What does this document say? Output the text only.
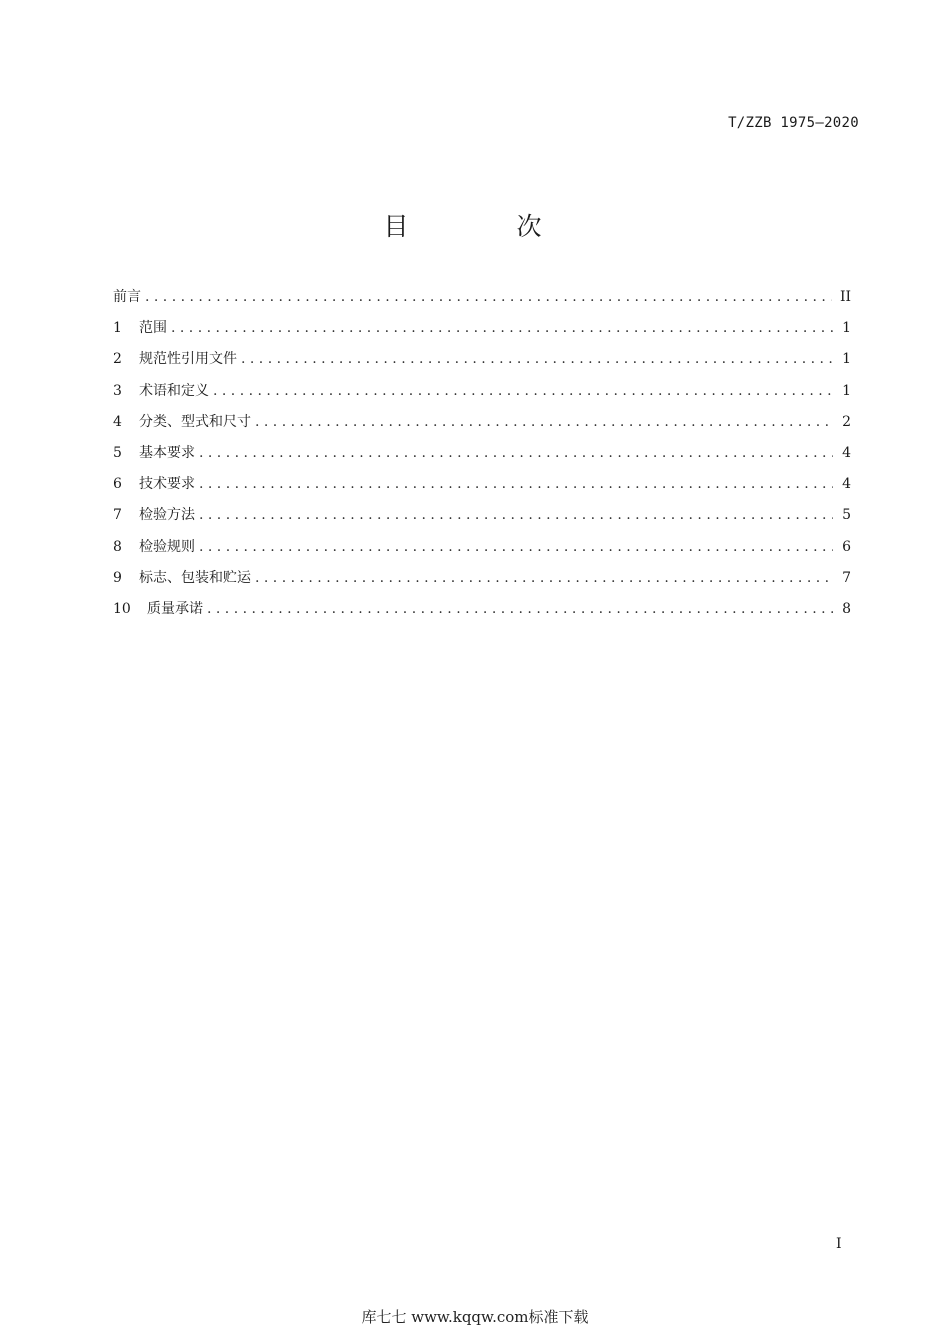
T/ZZB 1975—2020
目 次
前言 . . .	II
1	范围 . . .	1
2	规范性引用文件 . . .	1
3	术语和定义 . . .	1
4	分类、型式和尺寸 . . .	2
5	基本要求 . . .	4
6	技术要求 . . .	4
7	检验方法 . . .	5
8	检验规则 . . .	6
9	标志、包装和贮运 . . .	7
10	质量承诺 . . .	8
I
库七七 www.kqqw.com标准下载
